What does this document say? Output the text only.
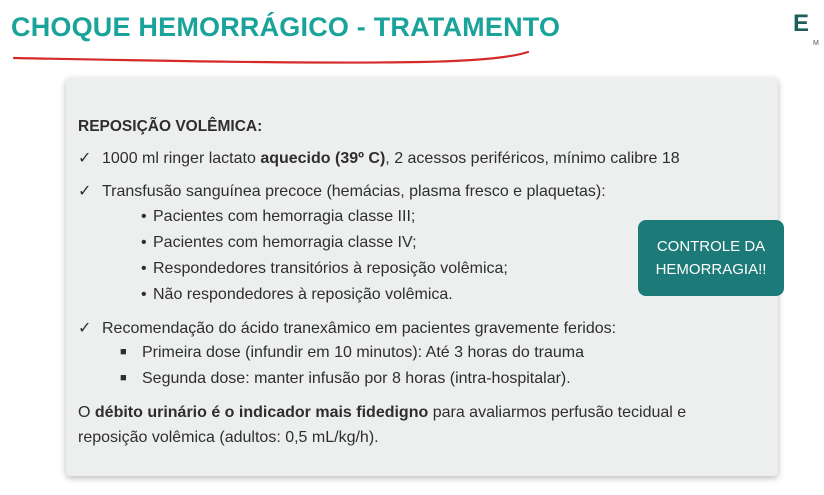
CHOQUE HEMORRÁGICO - TRATAMENTO	E
M
REPOSIÇÃO VOLÊMICA:
✓ 1000 ml ringer lactato aquecido (39º C), 2 acessos periféricos, mínimo calibre 18
✓ Transfusão sanguínea precoce (hemácias, plasma fresco e plaquetas):
• Pacientes com hemorragia classe III;
• Pacientes com hemorragia classe IV;
• Respondedores transitórios à reposição volêmica;
• Não respondedores à reposição volêmica.
CONTROLE DA
HEMORRAGIA!!
✓ Recomendação do ácido tranexâmico em pacientes gravemente feridos:
■ Primeira dose (infundir em 10 minutos): Até 3 horas do trauma
■ Segunda dose: manter infusão por 8 horas (intra-hospitalar).
O débito urinário é o indicador mais fidedigno para avaliarmos perfusão tecidual e
reposição volêmica (adultos: 0,5 mL/kg/h).
